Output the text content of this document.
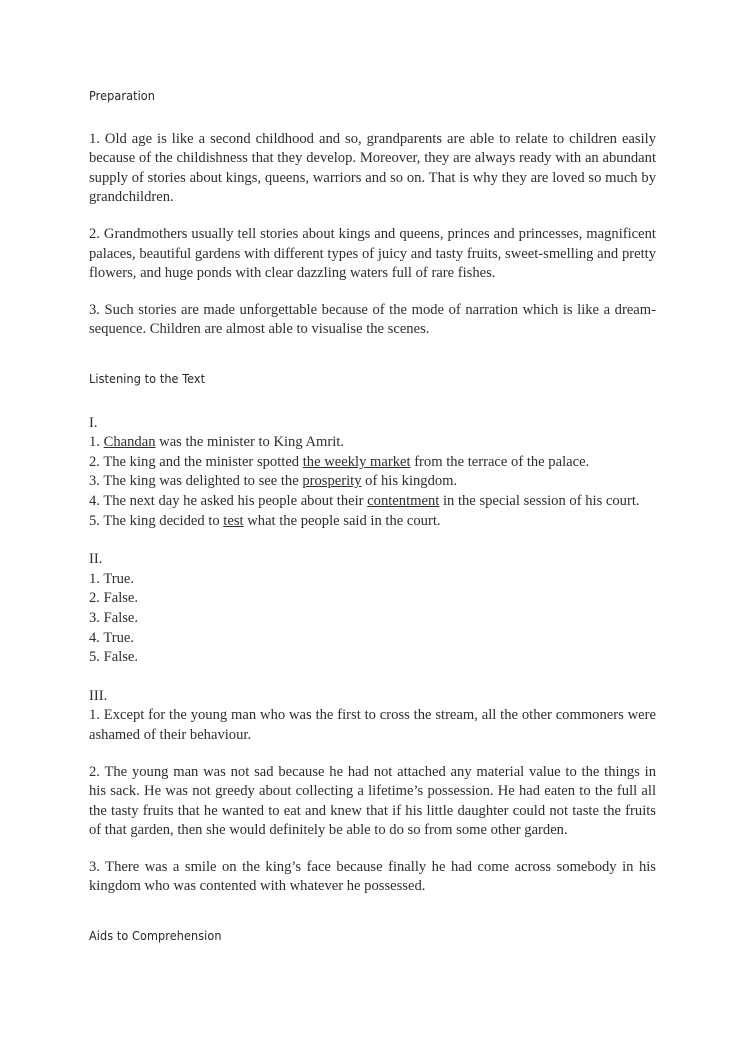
Preparation

1. Old age is like a second childhood and so, grandparents are able to relate to children easily because of the childishness that they develop. Moreover, they are always ready with an abundant supply of stories about kings, queens, warriors and so on. That is why they are loved so much by grandchildren.

2. Grandmothers usually tell stories about kings and queens, princes and princesses, magnificent palaces, beautiful gardens with different types of juicy and tasty fruits, sweet-smelling and pretty flowers, and huge ponds with clear dazzling waters full of rare fishes.

3. Such stories are made unforgettable because of the mode of narration which is like a dream-sequence. Children are almost able to visualise the scenes.

Listening to the Text
I.
1. Chandan was the minister to King Amrit.
2. The king and the minister spotted the weekly market from the terrace of the palace.
3. The king was delighted to see the prosperity of his kingdom.
4. The next day he asked his people about their contentment in the special session of his court.
5. The king decided to test what the people said in the court.
II.
1. True.
2. False.
3. False.
4. True.
5. False.
III.

1. Except for the young man who was the first to cross the stream, all the other commoners were ashamed of their behaviour.

2. The young man was not sad because he had not attached any material value to the things in his sack. He was not greedy about collecting a lifetime’s possession. He had eaten to the full all the tasty fruits that he wanted to eat and knew that if his little daughter could not taste the fruits of that garden, then she would definitely be able to do so from some other garden.

3. There was a smile on the king’s face because finally he had come across somebody in his kingdom who was contented with whatever he possessed.

Aids to Comprehension
